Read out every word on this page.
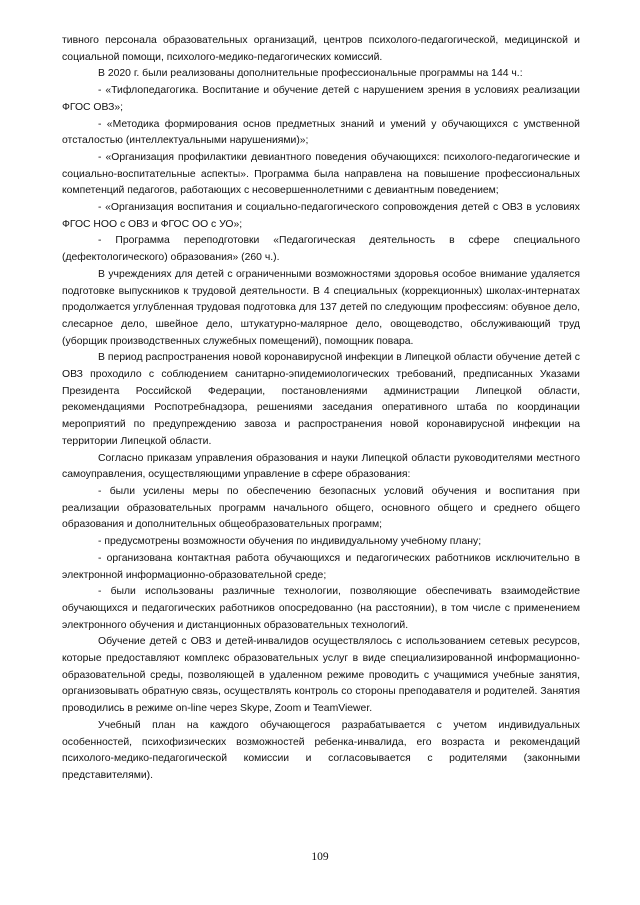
тивного персонала образовательных организаций, центров психолого-педагогической, медицинской и социальной помощи, психолого-медико-педагогических комиссий.

В 2020 г. были реализованы дополнительные профессиональные программы на 144 ч.:

- «Тифлопедагогика. Воспитание и обучение детей с нарушением зрения в условиях реализации ФГОС ОВЗ»;

- «Методика формирования основ предметных знаний и умений у обучающихся с умственной отсталостью (интеллектуальными нарушениями)»;

- «Организация профилактики девиантного поведения обучающихся: психолого-педагогические и социально-воспитательные аспекты». Программа была направлена на повышение профессиональных компетенций педагогов, работающих с несовершеннолетними с девиантным поведением;

- «Организация воспитания и социально-педагогического сопровождения детей с ОВЗ в условиях ФГОС НОО с ОВЗ и ФГОС ОО с УО»;

- Программа переподготовки «Педагогическая деятельность в сфере специального (дефектологического) образования» (260 ч.).

В учреждениях для детей с ограниченными возможностями здоровья особое внимание удаляется подготовке выпускников к трудовой деятельности. В 4 специальных (коррекционных) школах-интернатах продолжается углубленная трудовая подготовка для 137 детей по следующим профессиям: обувное дело, слесарное дело, швейное дело, штукатурно-малярное дело, овощеводство, обслуживающий труд (уборщик производственных служебных помещений), помощник повара.

В период распространения новой коронавирусной инфекции в Липецкой области обучение детей с ОВЗ проходило с соблюдением санитарно-эпидемиологических требований, предписанных Указами Президента Российской Федерации, постановлениями администрации Липецкой области, рекомендациями Роспотребнадзора, решениями заседания оперативного штаба по координации мероприятий по предупреждению завоза и распространения новой коронавирусной инфекции на территории Липецкой области.

Согласно приказам управления образования и науки Липецкой области руководителями местного самоуправления, осуществляющими управление в сфере образования:

- были усилены меры по обеспечению безопасных условий обучения и воспитания при реализации образовательных программ начального общего, основного общего и среднего общего образования и дополнительных общеобразовательных программ;

- предусмотрены возможности обучения по индивидуальному учебному плану;

- организована контактная работа обучающихся и педагогических работников исключительно в электронной информационно-образовательной среде;

- были использованы различные технологии, позволяющие обеспечивать взаимодействие обучающихся и педагогических работников опосредованно (на расстоянии), в том числе с применением электронного обучения и дистанционных образовательных технологий.

Обучение детей с ОВЗ и детей-инвалидов осуществлялось с использованием сетевых ресурсов, которые предоставляют комплекс образовательных услуг в виде специализированной информационно-образовательной среды, позволяющей в удаленном режиме проводить с учащимися учебные занятия, организовывать обратную связь, осуществлять контроль со стороны преподавателя и родителей. Занятия проводились в режиме on-line через Skype, Zoom и TeamViewer.

Учебный план на каждого обучающегося разрабатывается с учетом индивидуальных особенностей, психофизических возможностей ребенка-инвалида, его возраста и рекомендаций психолого-медико-педагогической комиссии и согласовывается с родителями (законными представителями).

109
